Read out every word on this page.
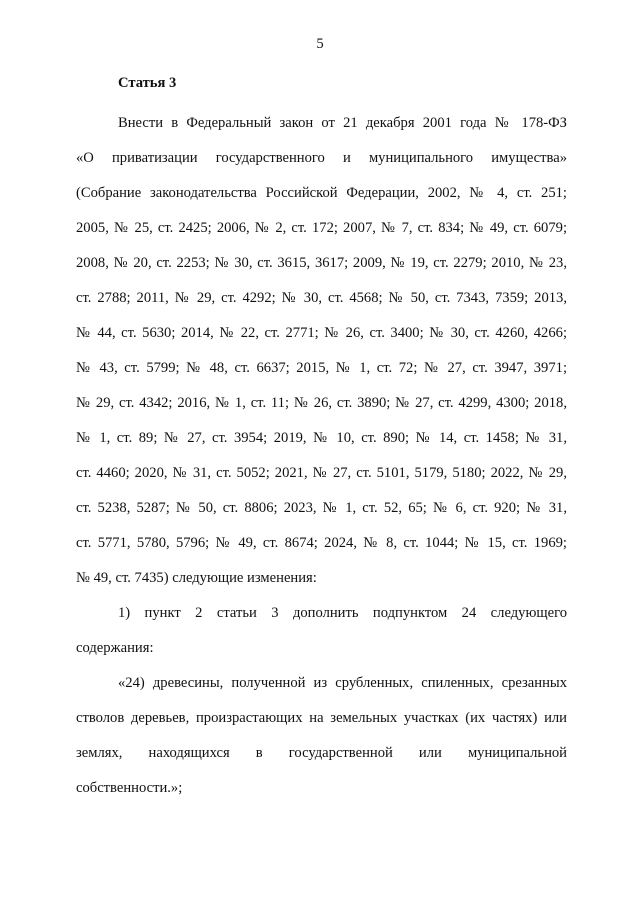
5
Статья 3
Внести в Федеральный закон от 21 декабря 2001 года № 178-ФЗ
«О приватизации государственного и муниципального имущества»
(Собрание законодательства Российской Федерации, 2002, № 4, ст. 251;
2005, № 25, ст. 2425; 2006, № 2, ст. 172; 2007, № 7, ст. 834; № 49, ст. 6079;
2008, № 20, ст. 2253; № 30, ст. 3615, 3617; 2009, № 19, ст. 2279; 2010, № 23,
ст. 2788; 2011, № 29, ст. 4292; № 30, ст. 4568; № 50, ст. 7343, 7359; 2013,
№ 44, ст. 5630; 2014, № 22, ст. 2771; № 26, ст. 3400; № 30, ст. 4260, 4266;
№ 43, ст. 5799; № 48, ст. 6637; 2015, № 1, ст. 72; № 27, ст. 3947, 3971;
№ 29, ст. 4342; 2016, № 1, ст. 11; № 26, ст. 3890; № 27, ст. 4299, 4300; 2018,
№ 1, ст. 89; № 27, ст. 3954; 2019, № 10, ст. 890; № 14, ст. 1458; № 31,
ст. 4460; 2020, № 31, ст. 5052; 2021, № 27, ст. 5101, 5179, 5180; 2022, № 29,
ст. 5238, 5287; № 50, ст. 8806; 2023, № 1, ст. 52, 65; № 6, ст. 920; № 31,
ст. 5771, 5780, 5796; № 49, ст. 8674; 2024, № 8, ст. 1044; № 15, ст. 1969;
№ 49, ст. 7435) следующие изменения:
1) пункт 2 статьи 3 дополнить подпунктом 24 следующего
содержания:
«24) древесины, полученной из срубленных, спиленных, срезанных
стволов деревьев, произрастающих на земельных участках (их частях) или
землях, находящихся в государственной или муниципальной
собственности.»;
